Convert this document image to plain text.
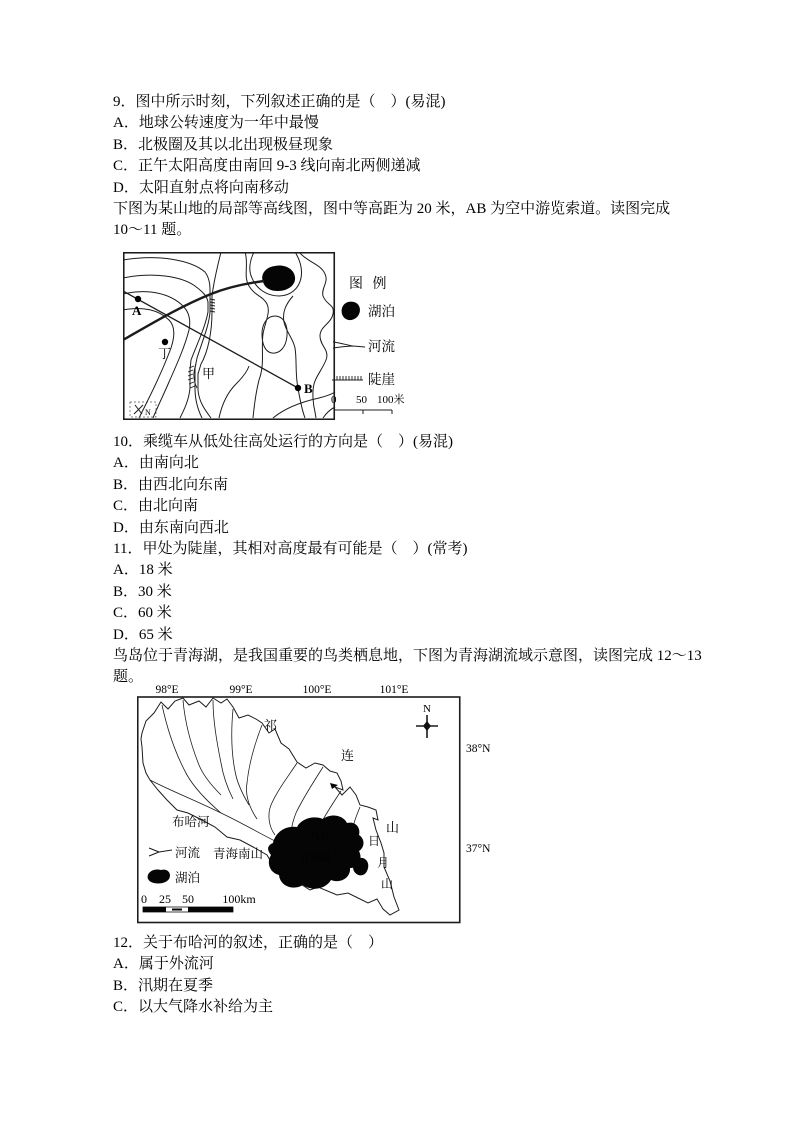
9．图中所示时刻，下列叙述正确的是（　）(易混)
A．地球公转速度为一年中最慢
B．北极圈及其以北出现极昼现象
C．正午太阳高度由南回 9-3 线向南北两侧递减
D．太阳直射点将向南移动
下图为某山地的局部等高线图，图中等高距为 20 米，AB 为空中游览索道。读图完成
10～11 题。
A
丁
甲
B
N
图 例
湖泊
河流
陡崖
0 50 100米
10．乘缆车从低处往高处运行的方向是（　）(易混)
A．由南向北
B．由西北向东南
C．由北向南
D．由东南向西北
11．甲处为陡崖，其相对高度最有可能是（　）(常考)
A．18 米
B．30 米
C．60 米
D．65 米
鸟岛位于青海湖，是我国重要的鸟类栖息地，下图为青海湖流域示意图，读图完成 12～13
题。
98°E	99°E	100°E	101°E
38°N
37°N
N
鸟岛
青海湖
祁
连
山
布哈河
日
月
山
河流 青海南山
湖泊
0 25 50 100km
12．关于布哈河的叙述，正确的是（　）
A．属于外流河
B．汛期在夏季
C．以大气降水补给为主
